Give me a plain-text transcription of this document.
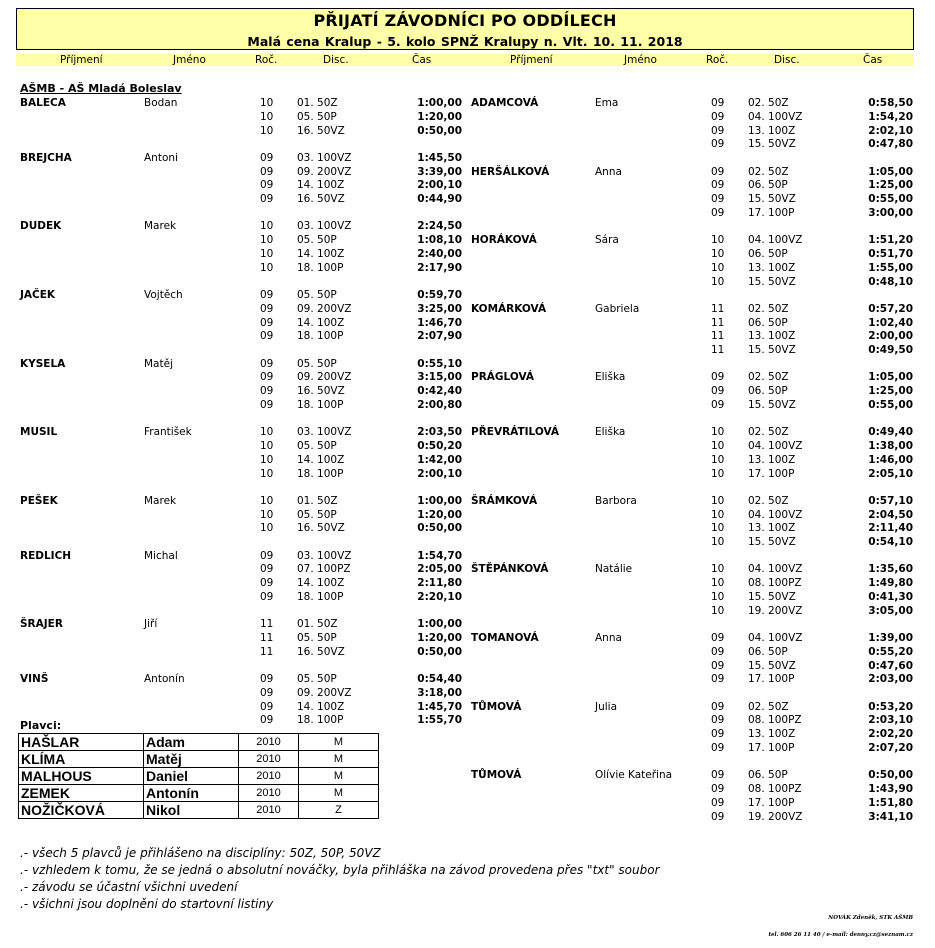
PŘIJATÍ ZÁVODNÍCI PO ODDÍLECH
Malá cena Kralup - 5. kolo SPNŽ Kralupy n. Vlt. 10. 11. 2018
Příjmení	Jméno	Roč.	Disc.	Čas	Příjmení	Jméno	Roč.	Disc.	Čas
AŠMB - AŠ Mladá Boleslav
BALECA	Bodan	10 01. 50Z	1:00,00
10 05. 50P	1:20,00
10 16. 50VZ	0:50,00
BREJCHA	Antoni	09 03. 100VZ	1:45,50
09 09. 200VZ	3:39,00
09 14. 100Z	2:00,10
09 16. 50VZ	0:44,90
DUDEK	Marek	10 03. 100VZ	2:24,50
10 05. 50P	1:08,10
10 14. 100Z	2:40,00
10 18. 100P	2:17,90
JAČEK	Vojtěch	09 05. 50P	0:59,70
09 09. 200VZ	3:25,00
09 14. 100Z	1:46,70
09 18. 100P	2:07,90
KYSELA	Matěj	09 05. 50P	0:55,10
09 09. 200VZ	3:15,00
09 16. 50VZ	0:42,40
09 18. 100P	2:00,80
MUSIL	František	10 03. 100VZ	2:03,50
10 05. 50P	0:50,20
10 14. 100Z	1:42,00
10 18. 100P	2:00,10
PEŠEK	Marek	10 01. 50Z	1:00,00
10 05. 50P	1:20,00
10 16. 50VZ	0:50,00
REDLICH	Michal	09 03. 100VZ	1:54,70
09 07. 100PZ	2:05,00
09 14. 100Z	2:11,80
09 18. 100P	2:20,10
ŠRAJER	Jiří	11 01. 50Z	1:00,00
11 05. 50P	1:20,00
11 16. 50VZ	0:50,00
VINŠ	Antonín	09 05. 50P	0:54,40
09 09. 200VZ	3:18,00
09 14. 100Z	1:45,70
09 18. 100P	1:55,70
ADAMCOVÁ	Ema	09 02. 50Z	0:58,50
09 04. 100VZ	1:54,20
09 13. 100Z	2:02,10
09 15. 50VZ	0:47,80
HERŠÁLKOVÁ	Anna	09 02. 50Z	1:05,00
09 06. 50P	1:25,00
09 15. 50VZ	0:55,00
09 17. 100P	3:00,00
HORÁKOVÁ	Sára	10 04. 100VZ	1:51,20
10 06. 50P	0:51,70
10 13. 100Z	1:55,00
10 15. 50VZ	0:48,10
KOMÁRKOVÁ	Gabriela	11 02. 50Z	0:57,20
11 06. 50P	1:02,40
11 13. 100Z	2:00,00
11 15. 50VZ	0:49,50
PRÁGLOVÁ	Eliška	09 02. 50Z	1:05,00
09 06. 50P	1:25,00
09 15. 50VZ	0:55,00
PŘEVRÁTILOVÁ	Eliška	10 02. 50Z	0:49,40
10 04. 100VZ	1:38,00
10 13. 100Z	1:46,00
10 17. 100P	2:05,10
ŠRÁMKOVÁ	Barbora	10 02. 50Z	0:57,10
10 04. 100VZ	2:04,50
10 13. 100Z	2:11,40
10 15. 50VZ	0:54,10
ŠTĚPÁNKOVÁ	Natálie	10 04. 100VZ	1:35,60
10 08. 100PZ	1:49,80
10 15. 50VZ	0:41,30
10 19. 200VZ	3:05,00
TOMANOVÁ	Anna	09 04. 100VZ	1:39,00
09 06. 50P	0:55,20
09 15. 50VZ	0:47,60
09 17. 100P	2:03,00
TŮMOVÁ	Julia	09 02. 50Z	0:53,20
09 08. 100PZ	2:03,10
09 13. 100Z	2:02,20
09 17. 100P	2:07,20
TŮMOVÁ	Olívie Kateřina	09 06. 50P	0:50,00
09 08. 100PZ	1:43,90
09 17. 100P	1:51,80
09 19. 200VZ	3:41,10
Plavci:
HAŠLAR	Adam	2010	M
KLÍMA	Matěj	2010	M
MALHOUS	Daniel	2010	M
ZEMEK	Antonín	2010	M
NOŽIČKOVÁ	Nikol	2010	Z
.- všech 5 plavců je přihlášeno na disciplíny: 50Z, 50P, 50VZ
.- vzhledem k tomu, že se jedná o absolutní nováčky, byla přihláška na závod provedena přes "txt" soubor
.- závodu se účastní všichni uvedení
.- všichni jsou doplněni do startovní listiny
NOVÁK Zdeněk, STK AŠMB
tel. 606 26 11 40 / e-mail: denny.cz@seznam.cz
